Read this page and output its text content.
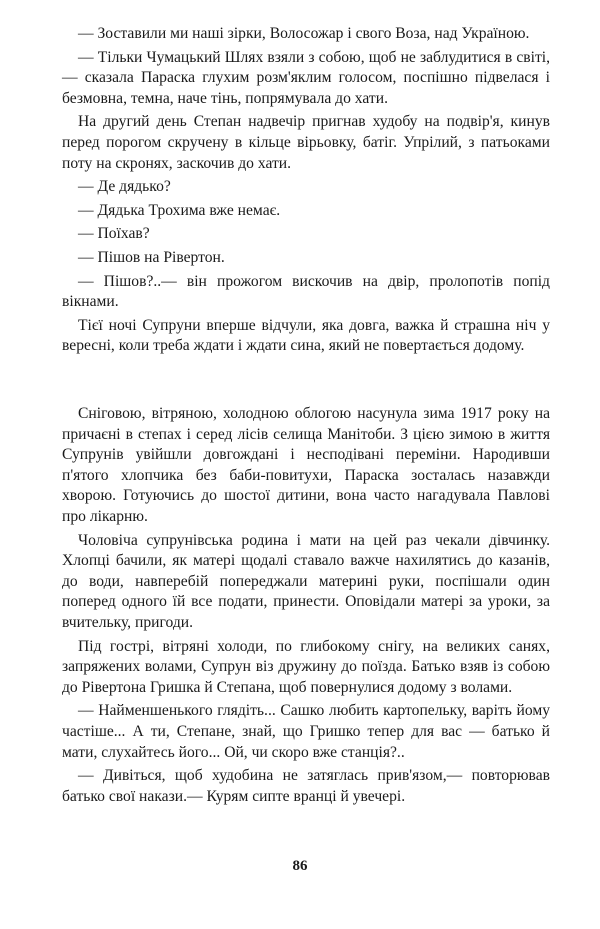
— Зоставили ми наші зірки, Волосожар і свого Воза, над Україною.

— Тільки Чумацький Шлях взяли з собою, щоб не заблудитися в світі,— сказала Параска глухим розм'яклим голосом, поспішно підвелася і безмовна, темна, наче тінь, попрямувала до хати.

На другий день Степан надвечір пригнав худобу на подвір'я, кинув перед порогом скручену в кільце вірьовку, батіг. Упрілий, з патьоками поту на скронях, заскочив до хати.

— Де дядько?

— Дядька Трохима вже немає.

— Поїхав?

— Пішов на Рівертон.

— Пішов?..— він прожогом вискочив на двір, пролопотів попід вікнами.

Тієї ночі Супруни вперше відчули, яка довга, важка й страшна ніч у вересні, коли треба ждати і ждати сина, який не повертається додому.

Сніговою, вітряною, холодною облогою насунула зима 1917 року на причаєні в степах і серед лісів селища Манітоби. З цією зимою в життя Супрунів увійшли довгождані і несподівані переміни. Народивши п'ятого хлопчика без баби-повитухи, Параска зосталась назавжди хворою. Готуючись до шостої дитини, вона часто нагадувала Павлові про лікарню.

Чоловіча супрунівська родина і мати на цей раз чекали дівчинку. Хлопці бачили, як матері щодалі ставало важче нахилятись до казанів, до води, навперебій попереджали материні руки, поспішали один поперед одного їй все подати, принести. Оповідали матері за уроки, за вчительку, пригоди.

Під гострі, вітряні холоди, по глибокому снігу, на великих санях, запряжених волами, Супрун віз дружину до поїзда. Батько взяв із собою до Рівертона Гришка й Степана, щоб повернулися додому з волами.

— Найменшенького глядіть... Сашко любить картопельку, варіть йому частіше... А ти, Степане, знай, що Гришко тепер для вас — батько й мати, слухайтесь його... Ой, чи скоро вже станція?..

— Дивіться, щоб худобина не затяглась прив'язом,— повторював батько свої накази.— Курям сипте вранці й увечері.

86
